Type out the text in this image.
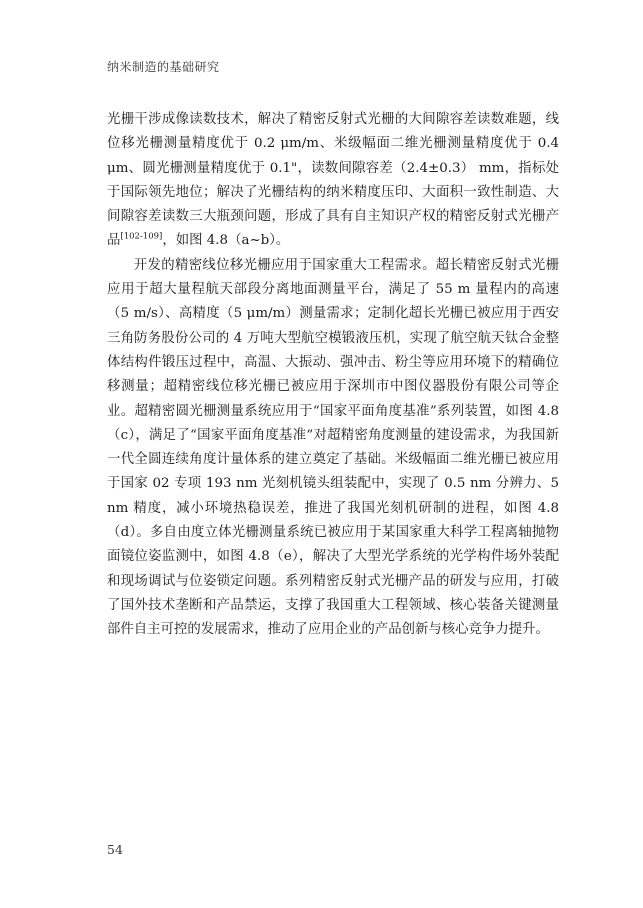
纳米制造的基础研究

光栅干涉成像读数技术，解决了精密反射式光栅的大间隙容差读数难题，线位移光栅测量精度优于 0.2 μm/m、米级幅面二维光栅测量精度优于 0.4 μm、圆光栅测量精度优于 0.1"，读数间隙容差（2.4±0.3） mm，指标处于国际领先地位；解决了光栅结构的纳米精度压印、大面积一致性制造、大间隙容差读数三大瓶颈问题，形成了具有自主知识产权的精密反射式光栅产品[102-109]，如图 4.8（a~b）。

开发的精密线位移光栅应用于国家重大工程需求。超长精密反射式光栅应用于超大量程航天部段分离地面测量平台，满足了 55 m 量程内的高速（5 m/s）、高精度（5 μm/m）测量需求；定制化超长光栅已被应用于西安三角防务股份公司的 4 万吨大型航空模锻液压机，实现了航空航天钛合金整体结构件锻压过程中，高温、大振动、强冲击、粉尘等应用环境下的精确位移测量；超精密线位移光栅已被应用于深圳市中图仪器股份有限公司等企业。超精密圆光栅测量系统应用于“国家平面角度基准”系列装置，如图 4.8（c），满足了“国家平面角度基准”对超精密角度测量的建设需求，为我国新一代全圆连续角度计量体系的建立奠定了基础。米级幅面二维光栅已被应用于国家 02 专项 193 nm 光刻机镜头组装配中，实现了 0.5 nm 分辨力、5 nm 精度，减小环境热稳误差，推进了我国光刻机研制的进程，如图 4.8（d）。多自由度立体光栅测量系统已被应用于某国家重大科学工程离轴抛物面镜位姿监测中，如图 4.8（e），解决了大型光学系统的光学构件场外装配和现场调试与位姿锁定问题。系列精密反射式光栅产品的研发与应用，打破了国外技术垄断和产品禁运，支撑了我国重大工程领域、核心装备关键测量部件自主可控的发展需求，推动了应用企业的产品创新与核心竞争力提升。

54
